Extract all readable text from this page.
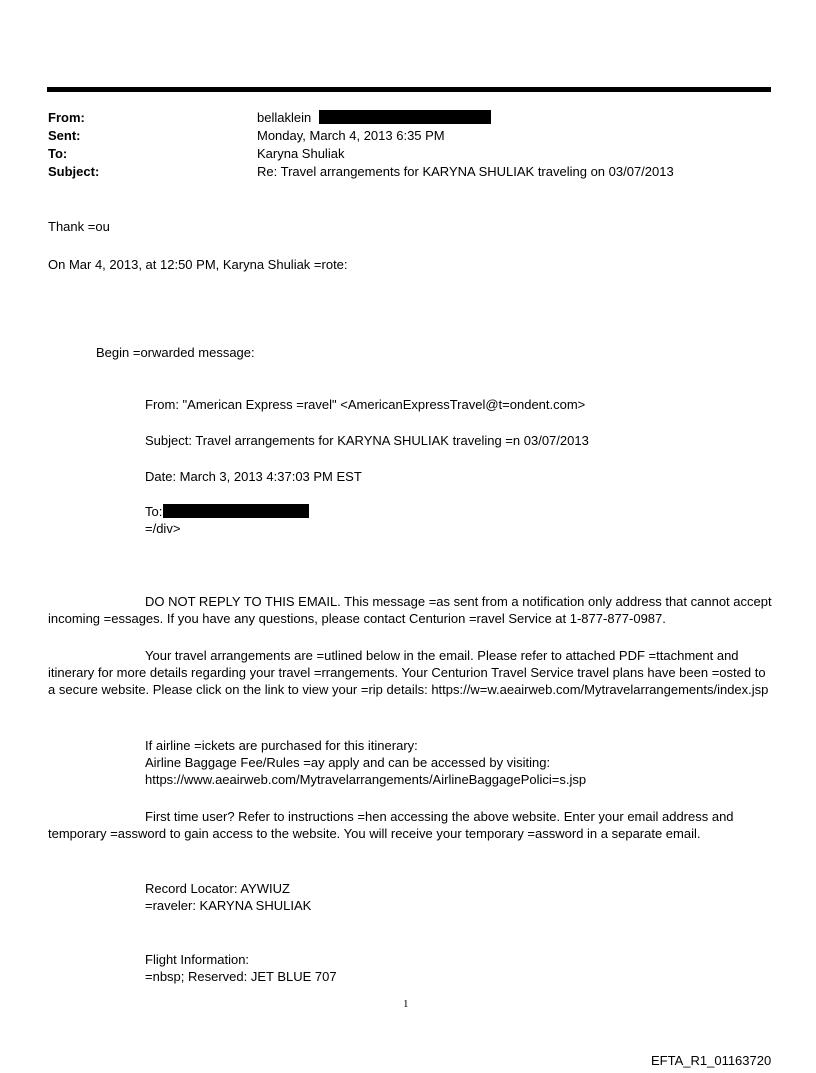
From:	bellaklein
Sent:	Monday, March 4, 2013 6:35 PM
To:	Karyna Shuliak
Subject:	Re: Travel arrangements for KARYNA SHULIAK traveling on 03/07/2013
Thank =ou
On Mar 4, 2013, at 12:50 PM, Karyna Shuliak =rote:
Begin =orwarded message:
From: "American Express =ravel" <AmericanExpressTravel@t=ondent.com>
Subject: Travel arrangements for KARYNA SHULIAK traveling =n 03/07/2013
Date: March 3, 2013 4:37:03 PM EST
To:
=/div>
DO NOT REPLY TO THIS EMAIL. This message =as sent from a notification only address that cannot accept incoming =essages. If you have any questions, please contact Centurion =ravel Service at 1-877-877-0987.
Your travel arrangements are =utlined below in the email. Please refer to attached PDF =ttachment and itinerary for more details regarding your travel =rrangements. Your Centurion Travel Service travel plans have been =osted to a secure website. Please click on the link to view your =rip details: https://w=w.aeairweb.com/Mytravelarrangements/index.jsp
If airline =ickets are purchased for this itinerary:
Airline Baggage Fee/Rules =ay apply and can be accessed by visiting:
https://www.aeairweb.com/Mytravelarrangements/AirlineBaggagePolici=s.jsp
First time user? Refer to instructions =hen accessing the above website. Enter your email address and temporary =assword to gain access to the website. You will receive your temporary =assword in a separate email.
Record Locator: AYWIUZ
=raveler: KARYNA SHULIAK
Flight Information:
=nbsp; Reserved: JET BLUE 707
1
EFTA_R1_01163720
